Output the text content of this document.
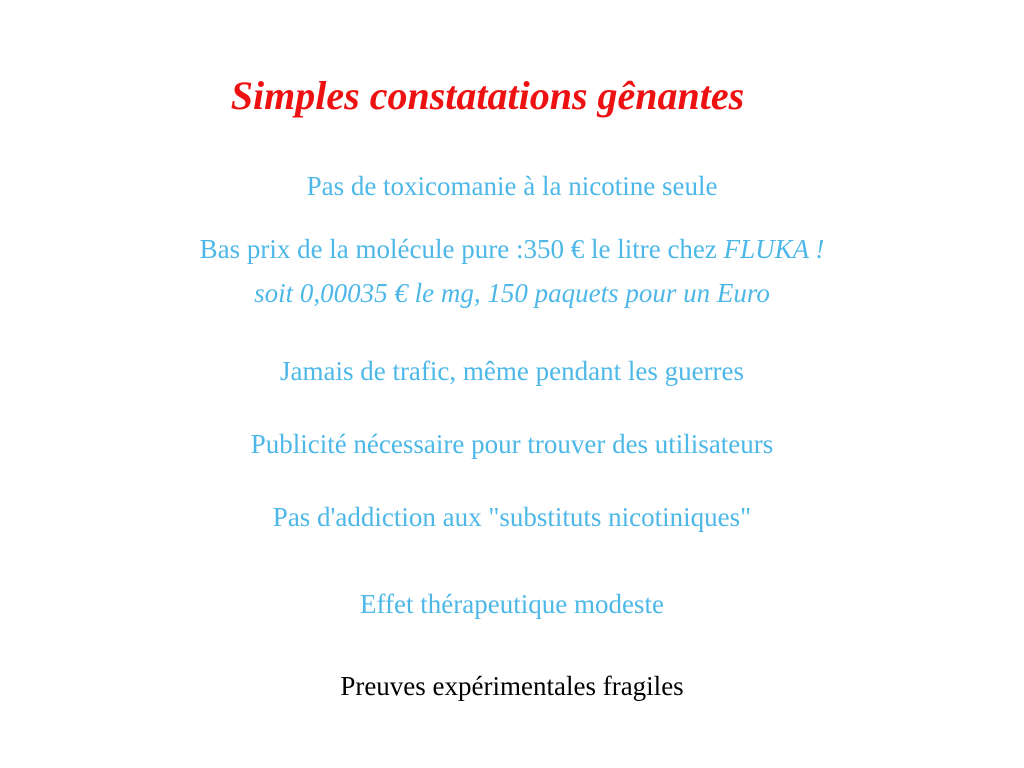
Simples constatations gênantes
Pas de toxicomanie à la nicotine seule
Bas prix de la molécule pure :350 € le litre chez FLUKA !
soit 0,00035 € le mg, 150 paquets pour un Euro
Jamais de trafic, même pendant les guerres
Publicité nécessaire pour trouver des utilisateurs
Pas d'addiction aux "substituts nicotiniques"
Effet thérapeutique modeste
Preuves expérimentales fragiles
